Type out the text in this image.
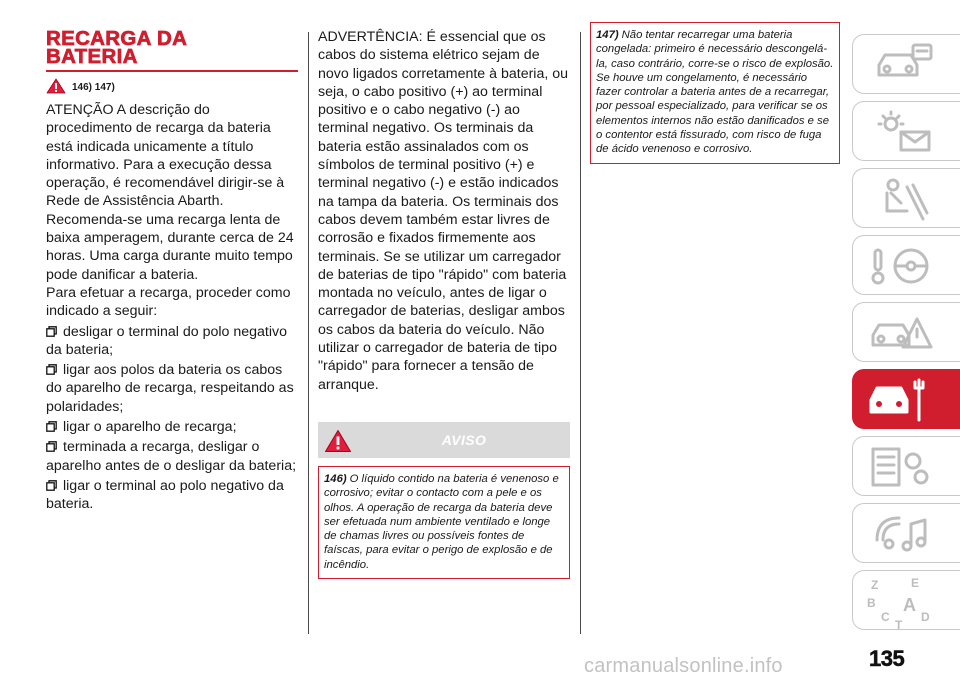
RECARGA DA
BATERIA
146) 147)

ATENÇÃO A descrição do procedimento de recarga da bateria está indicada unicamente a título informativo. Para a execução dessa operação, é recomendável dirigir-se à Rede de Assistência Abarth. Recomenda-se uma recarga lenta de baixa amperagem, durante cerca de 24 horas. Uma carga durante muito tempo pode danificar a bateria.

Para efetuar a recarga, proceder como indicado a seguir:

desligar o terminal do polo negativo da bateria;

ligar aos polos da bateria os cabos do aparelho de recarga, respeitando as polaridades;

ligar o aparelho de recarga;

terminada a recarga, desligar o aparelho antes de o desligar da bateria;

ligar o terminal ao polo negativo da bateria.

ADVERTÊNCIA: É essencial que os cabos do sistema elétrico sejam de novo ligados corretamente à bateria, ou seja, o cabo positivo (+) ao terminal positivo e o cabo negativo (-) ao terminal negativo. Os terminais da bateria estão assinalados com os símbolos de terminal positivo (+) e terminal negativo (-) e estão indicados na tampa da bateria. Os terminais dos cabos devem também estar livres de corrosão e fixados firmemente aos terminais. Se se utilizar um carregador de baterias de tipo "rápido" com bateria montada no veículo, antes de ligar o carregador de baterias, desligar ambos os cabos da bateria do veículo. Não utilizar o carregador de bateria de tipo "rápido" para fornecer a tensão de arranque.

AVISO
146) O líquido contido na bateria é venenoso e corrosivo; evitar o contacto com a pele e os olhos. A operação de recarga da bateria deve ser efetuada num ambiente ventilado e longe de chamas livres ou possíveis fontes de faíscas, para evitar o perigo de explosão e de incêndio.
147) Não tentar recarregar uma bateria congelada: primeiro é necessário descongelá-la, caso contrário, corre-se o risco de explosão. Se houve um congelamento, é necessário fazer controlar a bateria antes de a recarregar, por pessoal especializado, para verificar se os elementos internos não estão danificados e se o contentor está fissurado, com risco de fuga de ácido venenoso e corrosivo.
Z	E
B A
C
T
D
135
carmanualsonline.info
